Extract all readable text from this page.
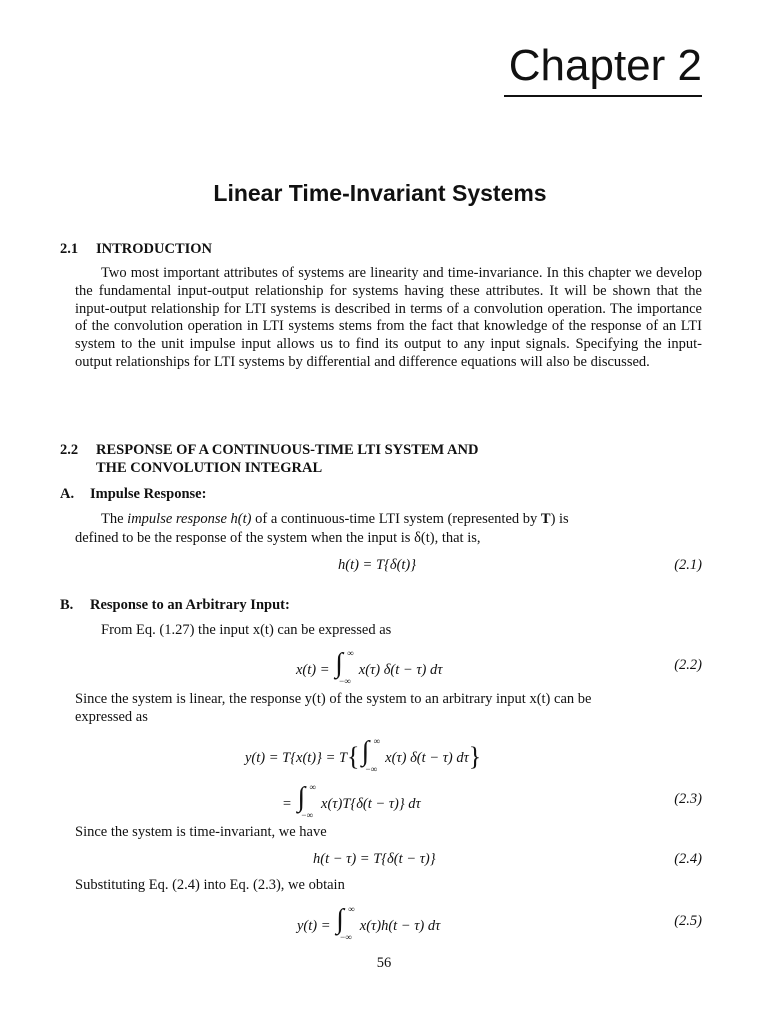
Chapter 2
Linear Time-Invariant Systems
2.1 INTRODUCTION
Two most important attributes of systems are linearity and time-invariance. In this chapter we develop the fundamental input-output relationship for systems having these attributes. It will be shown that the input-output relationship for LTI systems is described in terms of a convolution operation. The importance of the convolution operation in LTI systems stems from the fact that knowledge of the response of an LTI system to the unit impulse input allows us to find its output to any input signals. Specifying the input-output relationships for LTI systems by differential and difference equations will also be discussed.
2.2 RESPONSE OF A CONTINUOUS-TIME LTI SYSTEM AND
THE CONVOLUTION INTEGRAL
A. Impulse Response:
The impulse response h(t) of a continuous-time LTI system (represented by T) is
defined to be the response of the system when the input is δ(t), that is,
h(t) = T{δ(t)}	(2.1)
B. Response to an Arbitrary Input:
From Eq. (1.27) the input x(t) can be expressed as
x(t) = ∫ ∞
−∞
x(τ) δ(t − τ) dτ	(2.2)
Since the system is linear, the response y(t) of the system to an arbitrary input x(t) can be
expressed as
y(t) = T{x(t)} = T{ ∫ ∞
−∞
x(τ) δ(t − τ) dτ}
= ∫ ∞
−∞
x(τ)T{δ(t − τ)} dτ	(2.3)
Since the system is time-invariant, we have
h(t − τ) = T{δ(t − τ)}	(2.4)
Substituting Eq. (2.4) into Eq. (2.3), we obtain
y(t) = ∫ ∞
−∞
x(τ)h(t − τ) dτ	(2.5)
56
